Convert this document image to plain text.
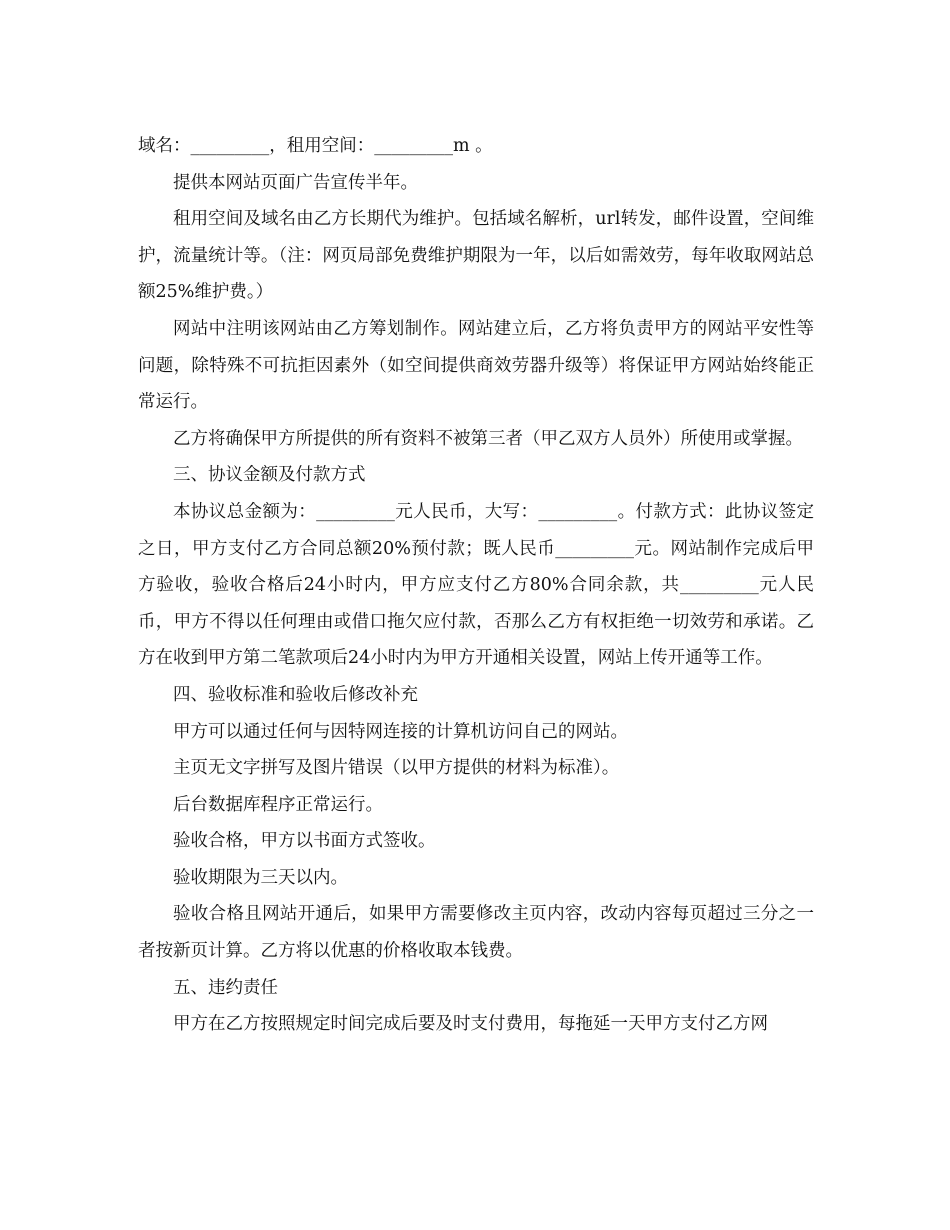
域名：_________，租用空间：_________m 。

提供本网站页面广告宣传半年。

租用空间及域名由乙方长期代为维护。包括域名解析，url转发，邮件设置，空间维护，流量统计等。（注：网页局部免费维护期限为一年，以后如需效劳，每年收取网站总额25%维护费。）

网站中注明该网站由乙方筹划制作。网站建立后，乙方将负责甲方的网站平安性等问题，除特殊不可抗拒因素外（如空间提供商效劳器升级等）将保证甲方网站始终能正常运行。

乙方将确保甲方所提供的所有资料不被第三者（甲乙双方人员外）所使用或掌握。

三、协议金额及付款方式

本协议总金额为：_________元人民币，大写：_________。付款方式：此协议签定之日，甲方支付乙方合同总额20%预付款；既人民币_________元。网站制作完成后甲方验收，验收合格后24小时内，甲方应支付乙方80%合同余款，共_________元人民币，甲方不得以任何理由或借口拖欠应付款，否那么乙方有权拒绝一切效劳和承诺。乙方在收到甲方第二笔款项后24小时内为甲方开通相关设置，网站上传开通等工作。

四、验收标准和验收后修改补充

甲方可以通过任何与因特网连接的计算机访问自己的网站。

主页无文字拼写及图片错误（以甲方提供的材料为标准）。

后台数据库程序正常运行。

验收合格，甲方以书面方式签收。

验收期限为三天以内。

验收合格且网站开通后，如果甲方需要修改主页内容，改动内容每页超过三分之一者按新页计算。乙方将以优惠的价格收取本钱费。

五、违约责任

甲方在乙方按照规定时间完成后要及时支付费用，每拖延一天甲方支付乙方网
